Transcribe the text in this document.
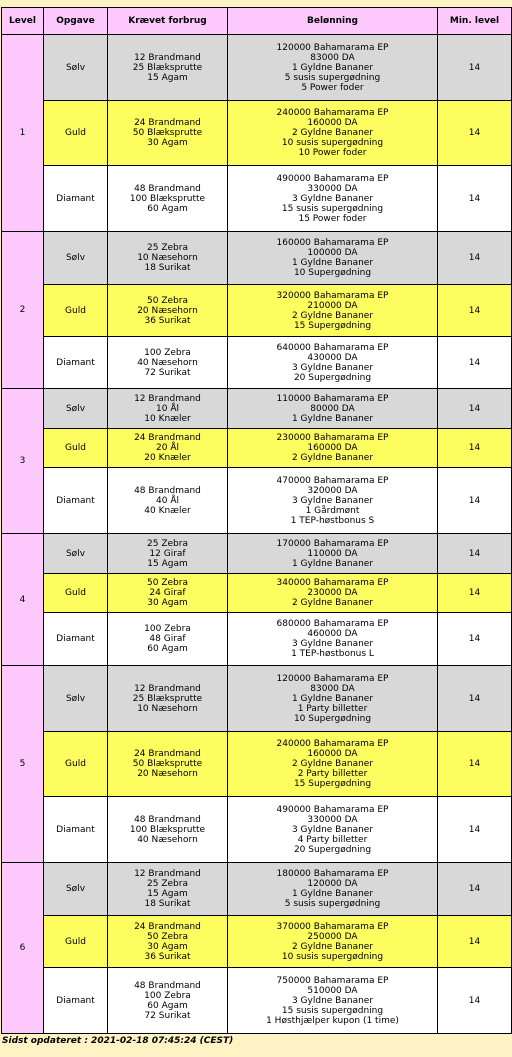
Level	Opgave	Krævet forbrug	Belønning	Min. level
1	Sølv	12 Brandmand
25 Blæksprutte
15 Agam	120000 Bahamarama EP
83000 DA
1 Gyldne Bananer
5 susis supergødning
5 Power foder	14
	Guld	24 Brandmand
50 Blæksprutte
30 Agam	240000 Bahamarama EP
160000 DA
2 Gyldne Bananer
10 susis supergødning
10 Power foder	14
	Diamant	48 Brandmand
100 Blæksprutte
60 Agam	490000 Bahamarama EP
330000 DA
3 Gyldne Bananer
15 susis supergødning
15 Power foder	14
2	Sølv	25 Zebra
10 Næsehorn
18 Surikat	160000 Bahamarama EP
100000 DA
1 Gyldne Bananer
10 Supergødning	14
	Guld	50 Zebra
20 Næsehorn
36 Surikat	320000 Bahamarama EP
210000 DA
2 Gyldne Bananer
15 Supergødning	14
	Diamant	100 Zebra
40 Næsehorn
72 Surikat	640000 Bahamarama EP
430000 DA
3 Gyldne Bananer
20 Supergødning	14
3	Sølv	12 Brandmand
10 Ål
10 Knæler	110000 Bahamarama EP
80000 DA
1 Gyldne Bananer	14
	Guld	24 Brandmand
20 Ål
20 Knæler	230000 Bahamarama EP
160000 DA
2 Gyldne Bananer	14
	Diamant	48 Brandmand
40 Ål
40 Knæler	470000 Bahamarama EP
320000 DA
3 Gyldne Bananer
1 Gårdmønt
1 TEP-høstbonus S	14
4	Sølv	25 Zebra
12 Giraf
15 Agam	170000 Bahamarama EP
110000 DA
1 Gyldne Bananer	14
	Guld	50 Zebra
24 Giraf
30 Agam	340000 Bahamarama EP
230000 DA
2 Gyldne Bananer	14
	Diamant	100 Zebra
48 Giraf
60 Agam	680000 Bahamarama EP
460000 DA
3 Gyldne Bananer
1 TEP-høstbonus L	14
5	Sølv	12 Brandmand
25 Blæksprutte
10 Næsehorn	120000 Bahamarama EP
83000 DA
1 Gyldne Bananer
1 Party billetter
10 Supergødning	14
	Guld	24 Brandmand
50 Blæksprutte
20 Næsehorn	240000 Bahamarama EP
160000 DA
2 Gyldne Bananer
2 Party billetter
15 Supergødning	14
	Diamant	48 Brandmand
100 Blæksprutte
40 Næsehorn	490000 Bahamarama EP
330000 DA
3 Gyldne Bananer
4 Party billetter
20 Supergødning	14
6	Sølv	12 Brandmand
25 Zebra
15 Agam
18 Surikat	180000 Bahamarama EP
120000 DA
1 Gyldne Bananer
5 susis supergødning	14
	Guld	24 Brandmand
50 Zebra
30 Agam
36 Surikat	370000 Bahamarama EP
250000 DA
2 Gyldne Bananer
10 susis supergødning	14
	Diamant	48 Brandmand
100 Zebra
60 Agam
72 Surikat	750000 Bahamarama EP
510000 DA
3 Gyldne Bananer
15 susis supergødning
1 Høsthjælper kupon (1 time)	14
Sidst opdateret : 2021-02-18 07:45:24 (CEST)
